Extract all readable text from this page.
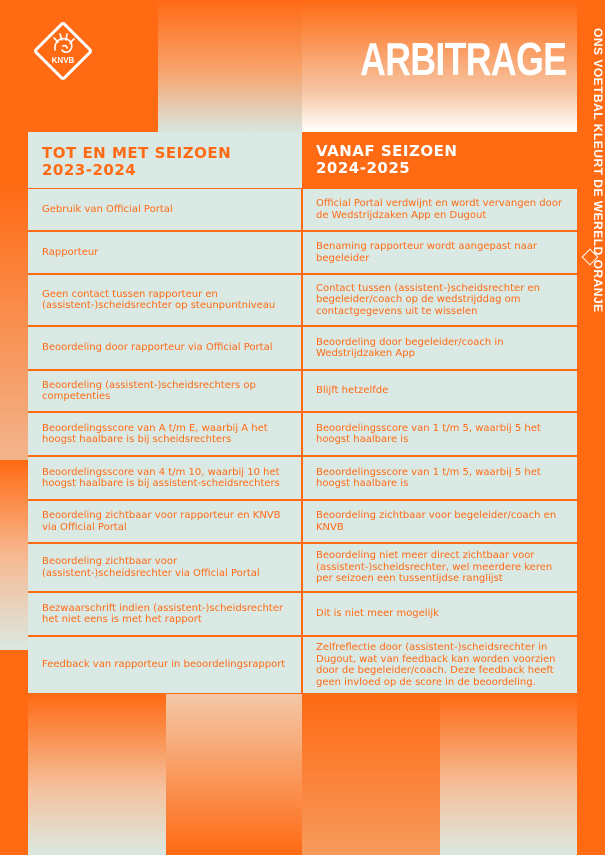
ONS VOETBAL KLEURT DE WERELD ORANJE
KNVB	ARBITRAGE
TOT EN MET SEIZOEN
2023-2024
VANAF SEIZOEN
2024-2025
Gebruik van Official Portal
Official Portal verdwijnt en wordt vervangen door de Wedstrijdzaken App en Dugout
Rapporteur
Benaming rapporteur wordt aangepast naar begeleider
Geen contact tussen rapporteur en (assistent-)scheidsrechter op steunpuntniveau
Contact tussen (assistent-)scheidsrechter en begeleider/coach op de wedstrijddag om contactgegevens uit te wisselen
Beoordeling door rapporteur via Official Portal
Beoordeling door begeleider/coach in Wedstrijdzaken App
Beoordeling (assistent-)scheidsrechters op competenties
Blijft hetzelfde
Beoordelingsscore van A t/m E, waarbij A het hoogst haalbare is bij scheidsrechters
Beoordelingsscore van 1 t/m 5, waarbij 5 het hoogst haalbare is
Beoordelingsscore van 4 t/m 10, waarbij 10 het hoogst haalbare is bij assistent-scheidsrechters
Beoordelingsscore van 1 t/m 5, waarbij 5 het hoogst haalbare is
Beoordeling zichtbaar voor rapporteur en KNVB via Official Portal
Beoordeling zichtbaar voor begeleider/coach en KNVB
Beoordeling zichtbaar voor (assistent-)scheidsrechter via Official Portal
Beoordeling niet meer direct zichtbaar voor (assistent-)scheidsrechter, wel meerdere keren per seizoen een tussentijdse ranglijst
Bezwaarschrift indien (assistent-)scheidsrechter het niet eens is met het rapport
Dit is niet meer mogelijk
Feedback van rapporteur in beoordelingsrapport
Zelfreflectie door (assistent-)scheidsrechter in Dugout, wat van feedback kan worden voorzien door de begeleider/coach. Deze feedback heeft geen invloed op de score in de beoordeling.
